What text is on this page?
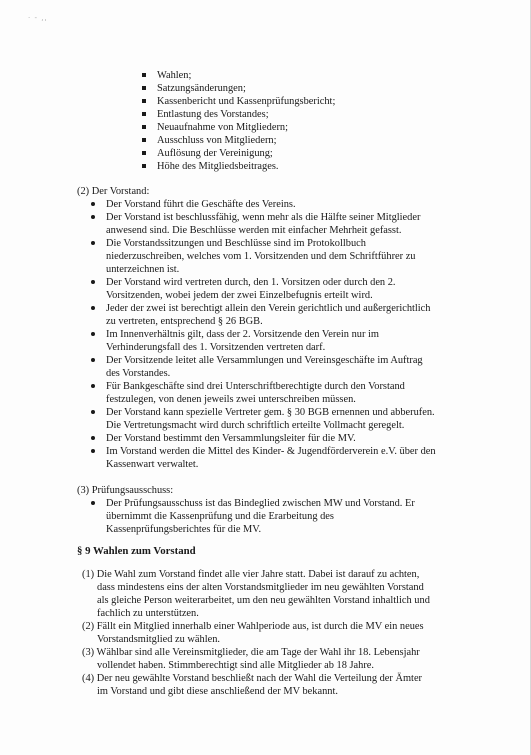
· - ,,
Wahlen;
Satzungsänderungen;
Kassenbericht und Kassenprüfungsbericht;
Entlastung des Vorstandes;
Neuaufnahme von Mitgliedern;
Ausschluss von Mitgliedern;
Auflösung der Vereinigung;
Höhe des Mitgliedsbeitrages.
(2) Der Vorstand:
Der Vorstand führt die Geschäfte des Vereins.
Der Vorstand ist beschlussfähig, wenn mehr als die Hälfte seiner Mitglieder
anwesend sind. Die Beschlüsse werden mit einfacher Mehrheit gefasst.
Die Vorstandssitzungen und Beschlüsse sind im Protokollbuch
niederzuschreiben, welches vom 1. Vorsitzenden und dem Schriftführer zu
unterzeichnen ist.
Der Vorstand wird vertreten durch, den 1. Vorsitzen oder durch den 2.
Vorsitzenden, wobei jedem der zwei Einzelbefugnis erteilt wird.
Jeder der zwei ist berechtigt allein den Verein gerichtlich und außergerichtlich
zu vertreten, entsprechend § 26 BGB.
Im Innenverhältnis gilt, dass der 2. Vorsitzende den Verein nur im
Verhinderungsfall des 1. Vorsitzenden vertreten darf.
Der Vorsitzende leitet alle Versammlungen und Vereinsgeschäfte im Auftrag
des Vorstandes.
Für Bankgeschäfte sind drei Unterschriftberechtigte durch den Vorstand
festzulegen, von denen jeweils zwei unterschreiben müssen.
Der Vorstand kann spezielle Vertreter gem. § 30 BGB ernennen und abberufen.
Die Vertretungsmacht wird durch schriftlich erteilte Vollmacht geregelt.
Der Vorstand bestimmt den Versammlungsleiter für die MV.
Im Vorstand werden die Mittel des Kinder- & Jugendförderverein e.V. über den
Kassenwart verwaltet.
(3) Prüfungsausschuss:
Der Prüfungsausschuss ist das Bindeglied zwischen MW und Vorstand. Er
übernimmt die Kassenprüfung und die Erarbeitung des
Kassenprüfungsberichtes für die MV.
§ 9 Wahlen zum Vorstand
(1) Die Wahl zum Vorstand findet alle vier Jahre statt. Dabei ist darauf zu achten,
dass mindestens eins der alten Vorstandsmitglieder im neu gewählten Vorstand
als gleiche Person weiterarbeitet, um den neu gewählten Vorstand inhaltlich und
fachlich zu unterstützen.
(2) Fällt ein Mitglied innerhalb einer Wahlperiode aus, ist durch die MV ein neues
Vorstandsmitglied zu wählen.
(3) Wählbar sind alle Vereinsmitglieder, die am Tage der Wahl ihr 18. Lebensjahr
vollendet haben. Stimmberechtigt sind alle Mitglieder ab 18 Jahre.
(4) Der neu gewählte Vorstand beschließt nach der Wahl die Verteilung der Ämter
im Vorstand und gibt diese anschließend der MV bekannt.
